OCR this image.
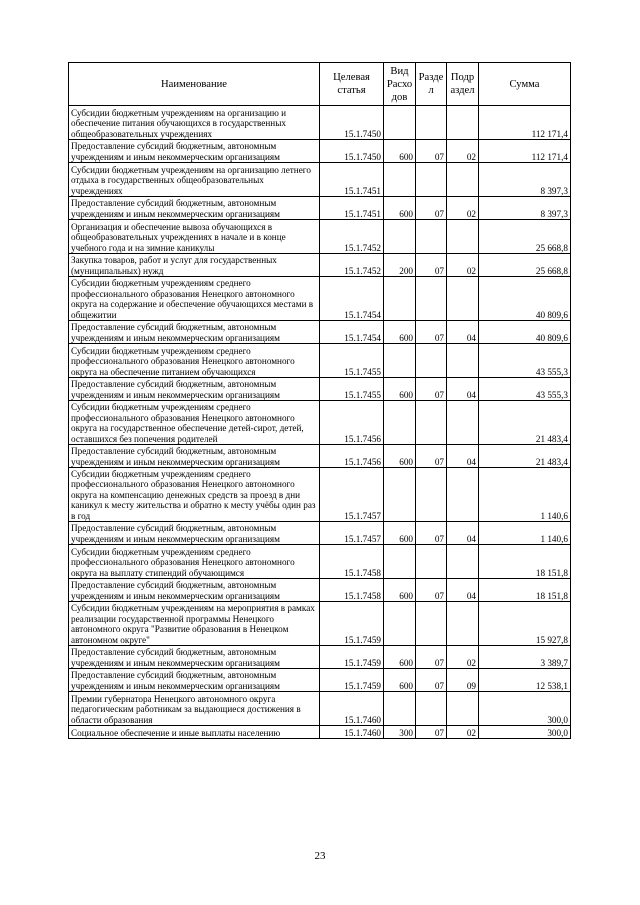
Наименование	Целевая статья	Вид Расхо дов	Разде л	Подр аздел	Сумма
Субсидии бюджетным учреждениям на организацию и обеспечение питания обучающихся в государственных общеобразовательных учреждениях	15.1.7450				112 171,4
Предоставление субсидий бюджетным, автономным учреждениям и иным некоммерческим организациям	15.1.7450	600	07	02	112 171,4
Субсидии бюджетным учреждениям на организацию летнего отдыха в государственных общеобразовательных учреждениях	15.1.7451				8 397,3
Предоставление субсидий бюджетным, автономным учреждениям и иным некоммерческим организациям	15.1.7451	600	07	02	8 397,3
Организация и обеспечение вывоза обучающихся в общеобразовательных учреждениях в начале и в конце учебного года и на зимние каникулы	15.1.7452				25 668,8
Закупка товаров, работ и услуг для государственных (муниципальных) нужд	15.1.7452	200	07	02	25 668,8
Субсидии бюджетным учреждениям среднего профессионального образования Ненецкого автономного округа на содержание и обеспечение обучающихся местами в общежитии	15.1.7454				40 809,6
Предоставление субсидий бюджетным, автономным учреждениям и иным некоммерческим организациям	15.1.7454	600	07	04	40 809,6
Субсидии бюджетным учреждениям среднего профессионального образования Ненецкого автономного округа на обеспечение питанием обучающихся	15.1.7455				43 555,3
Предоставление субсидий бюджетным, автономным учреждениям и иным некоммерческим организациям	15.1.7455	600	07	04	43 555,3
Субсидии бюджетным учреждениям среднего профессионального образования Ненецкого автономного округа на государственное обеспечение детей-сирот, детей, оставшихся без попечения родителей	15.1.7456				21 483,4
Предоставление субсидий бюджетным, автономным учреждениям и иным некоммерческим организациям	15.1.7456	600	07	04	21 483,4
Субсидии бюджетным учреждениям среднего профессионального образования Ненецкого автономного округа на компенсацию денежных средств за проезд в дни каникул к месту жительства и обратно к месту учёбы один раз в год	15.1.7457				1 140,6
Предоставление субсидий бюджетным, автономным учреждениям и иным некоммерческим организациям	15.1.7457	600	07	04	1 140,6
Субсидии бюджетным учреждениям среднего профессионального образования Ненецкого автономного округа на выплату стипендий обучающимся	15.1.7458				18 151,8
Предоставление субсидий бюджетным, автономным учреждениям и иным некоммерческим организациям	15.1.7458	600	07	04	18 151,8
Субсидии бюджетным учреждениям на мероприятия в рамках реализации государственной программы Ненецкого автономного округа "Развитие образования в Ненецком автономном округе"	15.1.7459				15 927,8
Предоставление субсидий бюджетным, автономным учреждениям и иным некоммерческим организациям	15.1.7459	600	07	02	3 389,7
Предоставление субсидий бюджетным, автономным учреждениям и иным некоммерческим организациям	15.1.7459	600	07	09	12 538,1
Премии губернатора Ненецкого автономного округа педагогическим работникам за выдающиеся достижения в области образования	15.1.7460				300,0
Социальное обеспечение и иные выплаты населению	15.1.7460	300	07	02	300,0
23
